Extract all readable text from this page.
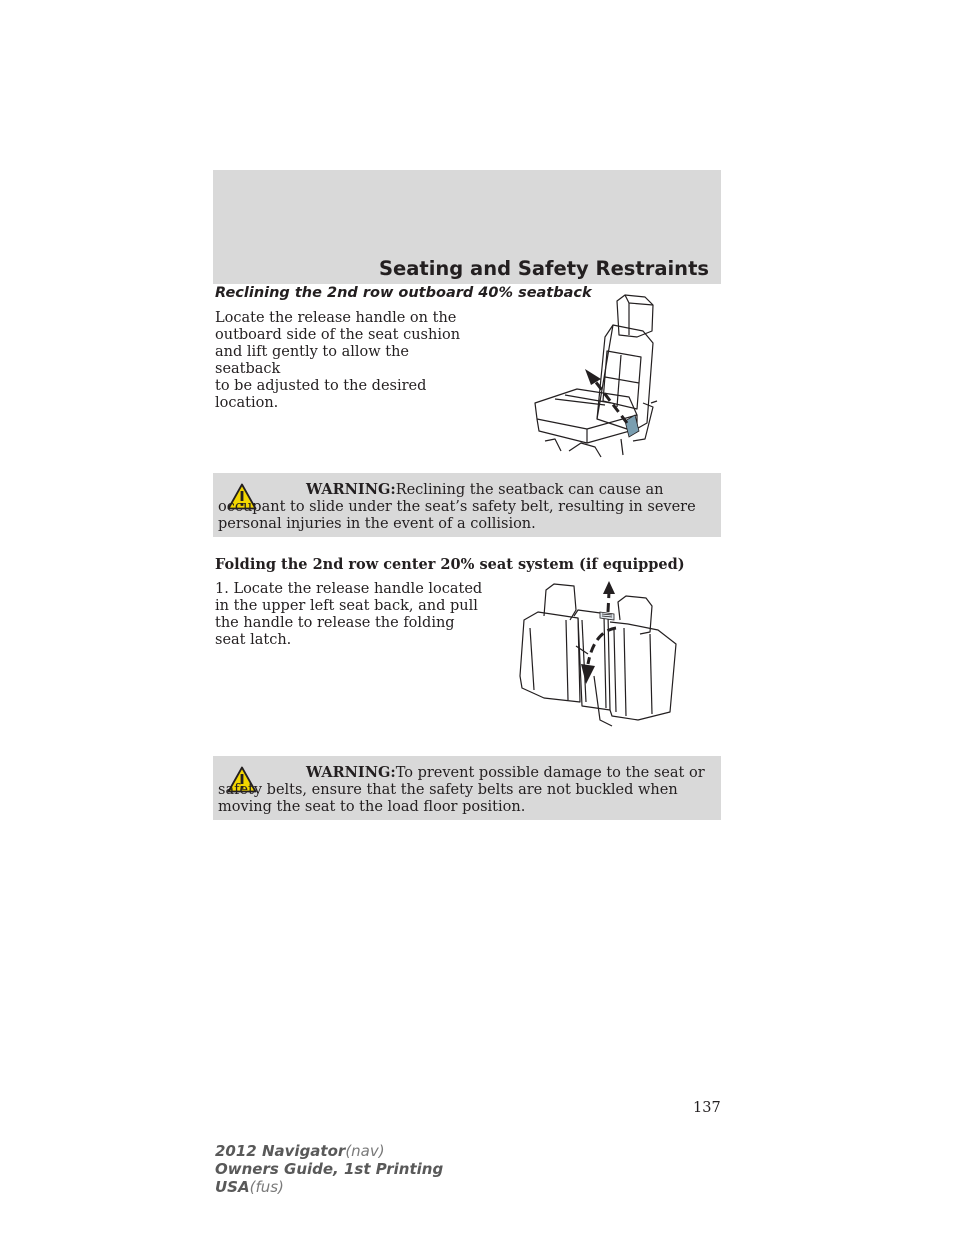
Seating and Safety Restraints
Reclining the 2nd row outboard 40% seatback
Locate the release handle on the
outboard side of the seat cushion
and lift gently to allow the seatback
to be adjusted to the desired
location.
WARNING:Reclining the seatback can cause an occupant to slide under the seat’s safety belt, resulting in severe personal injuries in the event of a collision.
Folding the 2nd row center 20% seat system (if equipped)
1. Locate the release handle located
in the upper left seat back, and pull
the handle to release the folding
seat latch.
WARNING:To prevent possible damage to the seat or safety belts, ensure that the safety belts are not buckled when moving the seat to the load floor position.
137
2012 Navigator(nav)
Owners Guide, 1st Printing
USA(fus)
